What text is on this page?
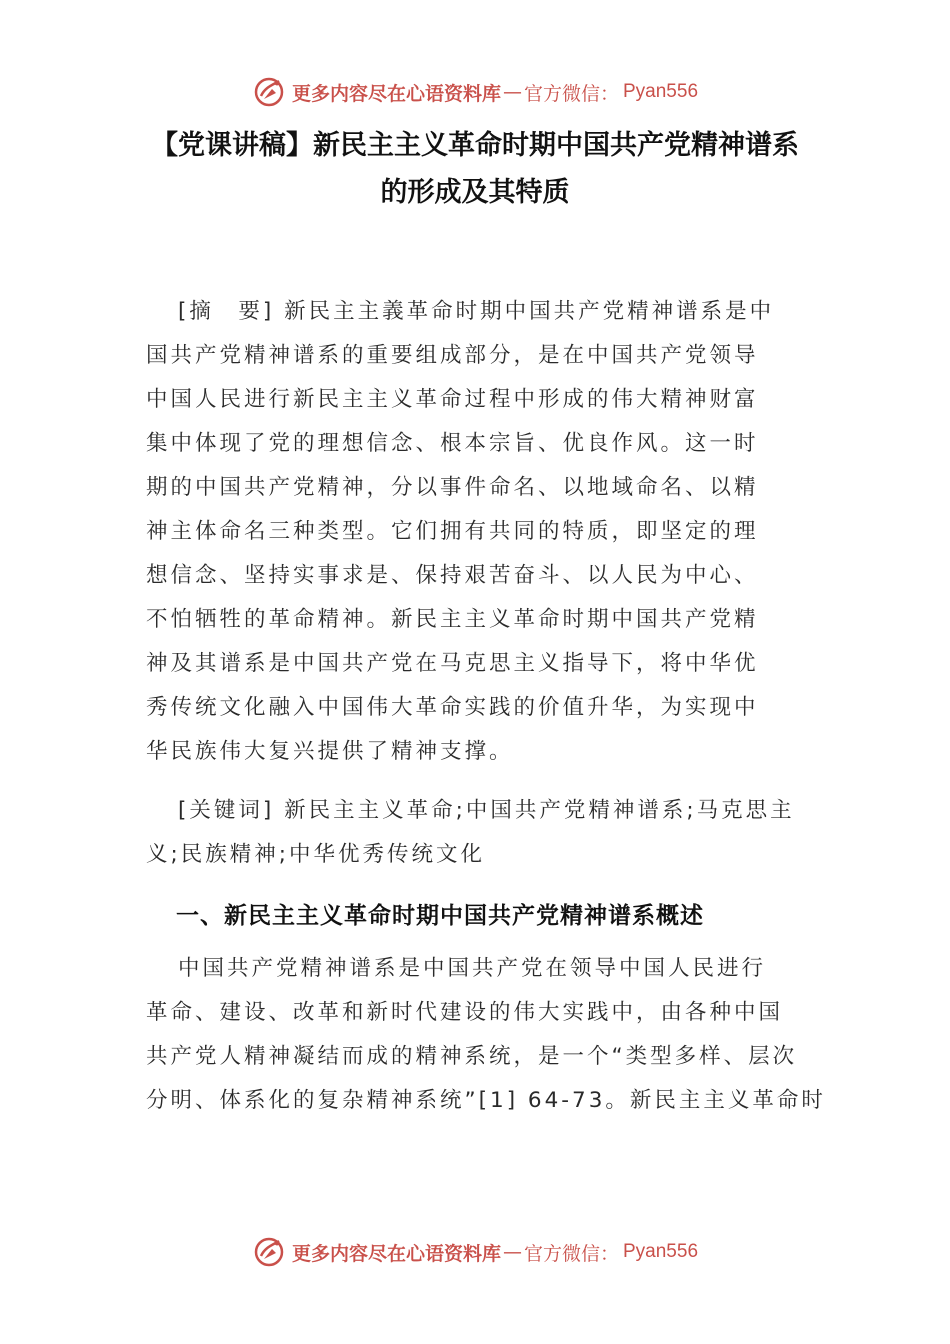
更多内容尽在心语资料库 — 官方微信： Pyan556
【党课讲稿】新民主主义革命时期中国共产党精神谱系
的形成及其特质
[摘　要] 新民主主義革命时期中国共产党精神谱系是中
国共产党精神谱系的重要组成部分，是在中国共产党领导
中国人民进行新民主主义革命过程中形成的伟大精神财富
集中体现了党的理想信念、根本宗旨、优良作风。这一时
期的中国共产党精神，分以事件命名、以地域命名、以精
神主体命名三种类型。它们拥有共同的特质，即坚定的理
想信念、坚持实事求是、保持艰苦奋斗、以人民为中心、
不怕牺牲的革命精神。新民主主义革命时期中国共产党精
神及其谱系是中国共产党在马克思主义指导下，将中华优
秀传统文化融入中国伟大革命实践的价值升华，为实现中
华民族伟大复兴提供了精神支撑。
[关键词] 新民主主义革命;中国共产党精神谱系;马克思主
义;民族精神;中华优秀传统文化
一、新民主主义革命时期中国共产党精神谱系概述
中国共产党精神谱系是中国共产党在领导中国人民进行
革命、建设、改革和新时代建设的伟大实践中，由各种中国
共产党人精神凝结而成的精神系统，是一个“类型多样、层次
分明、体系化的复杂精神系统”[1] 64-73。新民主主义革命时
更多内容尽在心语资料库 — 官方微信： Pyan556
